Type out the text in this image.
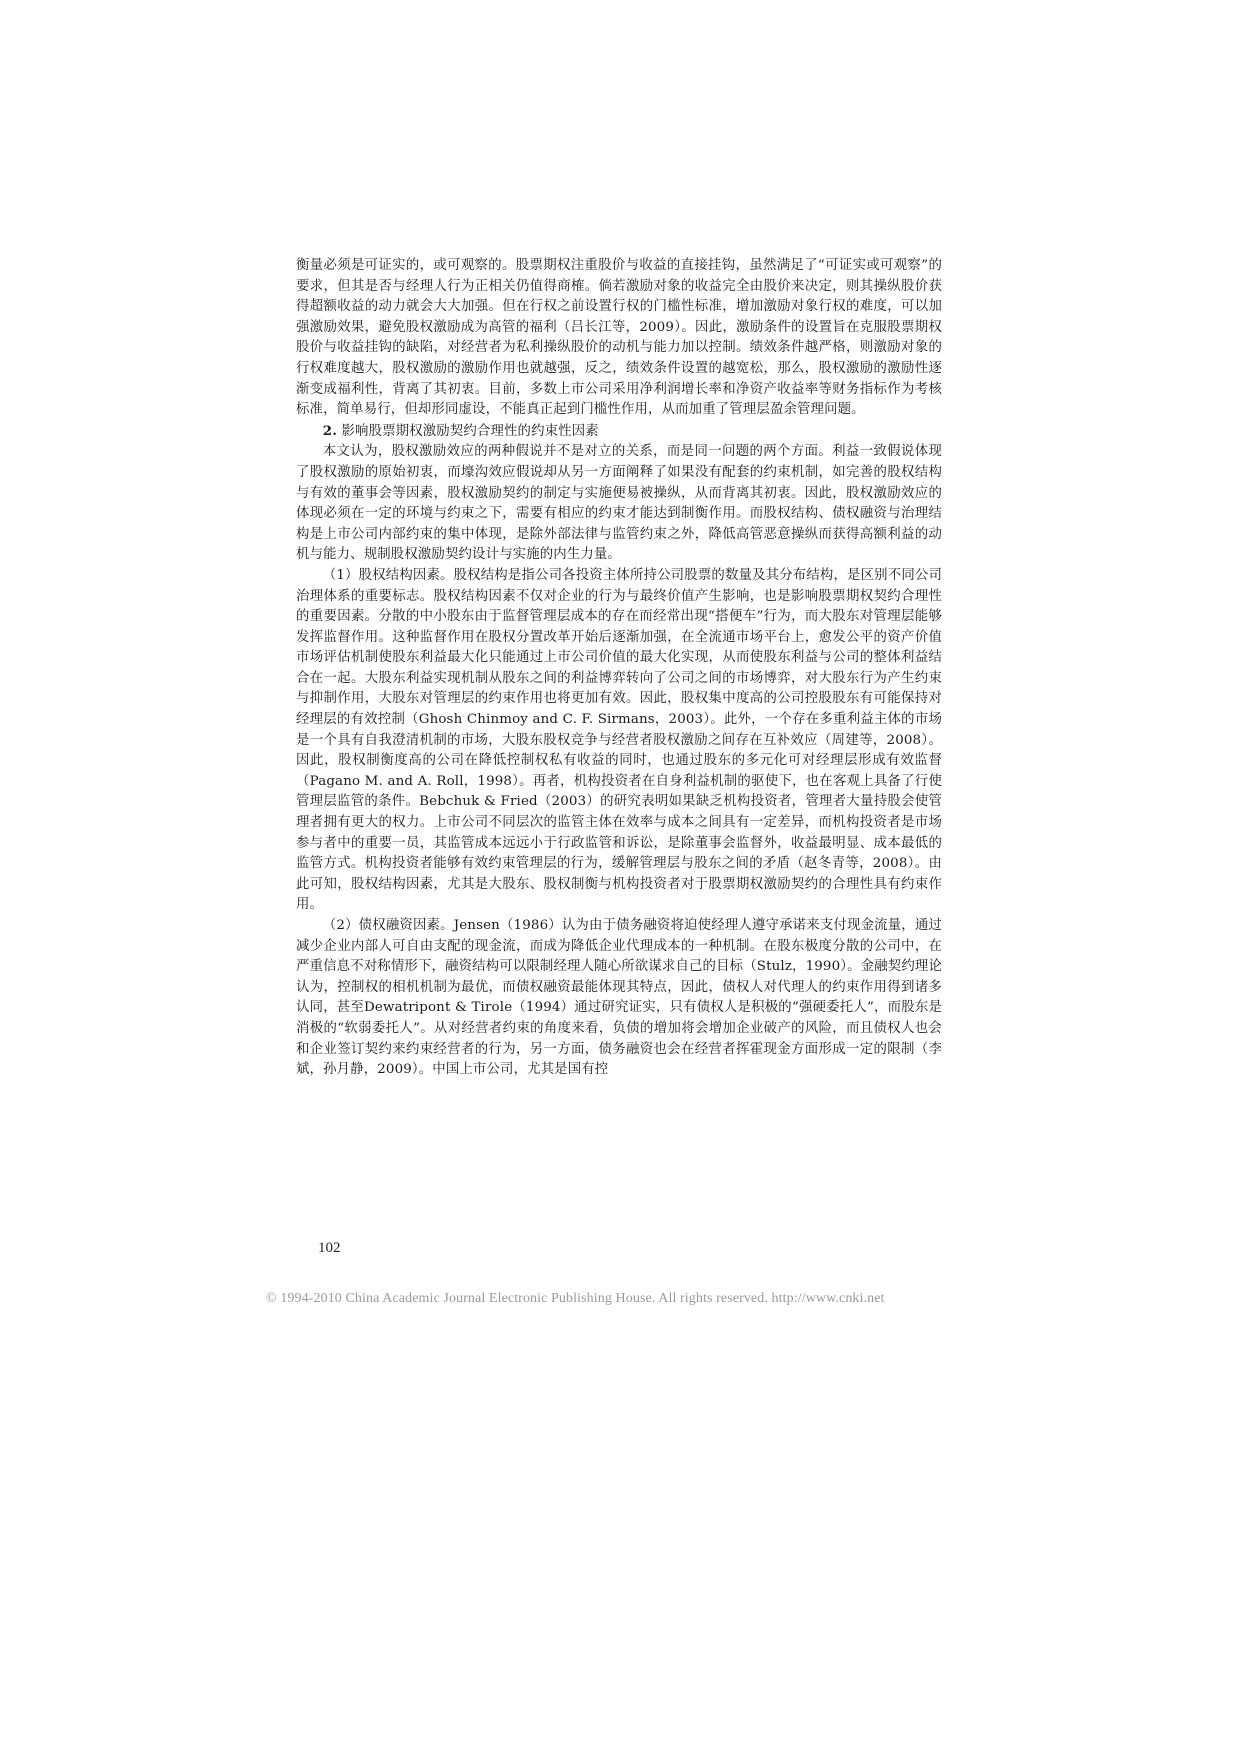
衡量必须是可证实的，或可观察的。股票期权注重股价与收益的直接挂钩，虽然满足了“可证实或可观察”的要求，但其是否与经理人行为正相关仍值得商榷。倘若激励对象的收益完全由股价来决定，则其操纵股价获得超额收益的动力就会大大加强。但在行权之前设置行权的门槛性标准，增加激励对象行权的难度，可以加强激励效果，避免股权激励成为高管的福利（吕长江等，2009）。因此，激励条件的设置旨在克服股票期权股价与收益挂钩的缺陷，对经营者为私利操纵股价的动机与能力加以控制。绩效条件越严格，则激励对象的行权难度越大，股权激励的激励作用也就越强，反之，绩效条件设置的越宽松，那么，股权激励的激励性逐渐变成福利性，背离了其初衷。目前，多数上市公司采用净利润增长率和净资产收益率等财务指标作为考核标准，简单易行，但却形同虚设，不能真正起到门槛性作用，从而加重了管理层盈余管理问题。

2. 影响股票期权激励契约合理性的约束性因素

本文认为，股权激励效应的两种假说并不是对立的关系，而是同一问题的两个方面。利益一致假说体现了股权激励的原始初衷，而壕沟效应假说却从另一方面阐释了如果没有配套的约束机制，如完善的股权结构与有效的董事会等因素，股权激励契约的制定与实施便易被操纵，从而背离其初衷。因此，股权激励效应的体现必须在一定的环境与约束之下，需要有相应的约束才能达到制衡作用。而股权结构、债权融资与治理结构是上市公司内部约束的集中体现，是除外部法律与监管约束之外，降低高管恶意操纵而获得高额利益的动机与能力、规制股权激励契约设计与实施的内生力量。

（1）股权结构因素。股权结构是指公司各投资主体所持公司股票的数量及其分布结构，是区别不同公司治理体系的重要标志。股权结构因素不仅对企业的行为与最终价值产生影响，也是影响股票期权契约合理性的重要因素。分散的中小股东由于监督管理层成本的存在而经常出现“搭便车”行为，而大股东对管理层能够发挥监督作用。这种监督作用在股权分置改革开始后逐渐加强，在全流通市场平台上，愈发公平的资产价值市场评估机制使股东利益最大化只能通过上市公司价值的最大化实现，从而使股东利益与公司的整体利益结合在一起。大股东利益实现机制从股东之间的利益博弈转向了公司之间的市场博弈，对大股东行为产生约束与抑制作用，大股东对管理层的约束作用也将更加有效。因此，股权集中度高的公司控股股东有可能保持对经理层的有效控制（Ghosh Chinmoy and C. F. Sirmans，2003）。此外，一个存在多重利益主体的市场是一个具有自我澄清机制的市场，大股东股权竞争与经营者股权激励之间存在互补效应（周建等，2008）。因此，股权制衡度高的公司在降低控制权私有收益的同时，也通过股东的多元化可对经理层形成有效监督（Pagano M. and A. Roll，1998）。再者，机构投资者在自身利益机制的驱使下，也在客观上具备了行使管理层监管的条件。Bebchuk & Fried（2003）的研究表明如果缺乏机构投资者，管理者大量持股会使管理者拥有更大的权力。上市公司不同层次的监管主体在效率与成本之间具有一定差异，而机构投资者是市场参与者中的重要一员，其监管成本远远小于行政监管和诉讼，是除董事会监督外，收益最明显、成本最低的监管方式。机构投资者能够有效约束管理层的行为，缓解管理层与股东之间的矛盾（赵冬青等，2008）。由此可知，股权结构因素，尤其是大股东、股权制衡与机构投资者对于股票期权激励契约的合理性具有约束作用。

（2）债权融资因素。Jensen（1986）认为由于债务融资将迫使经理人遵守承诺来支付现金流量，通过减少企业内部人可自由支配的现金流，而成为降低企业代理成本的一种机制。在股东极度分散的公司中，在严重信息不对称情形下，融资结构可以限制经理人随心所欲谋求自己的目标（Stulz，1990）。金融契约理论认为，控制权的相机机制为最优，而债权融资最能体现其特点，因此，债权人对代理人的约束作用得到诸多认同，甚至Dewatripont & Tirole（1994）通过研究证实，只有债权人是积极的“强硬委托人”，而股东是消极的“软弱委托人”。从对经营者约束的角度来看，负债的增加将会增加企业破产的风险，而且债权人也会和企业签订契约来约束经营者的行为，另一方面，债务融资也会在经营者挥霍现金方面形成一定的限制（李斌，孙月静，2009）。中国上市公司，尤其是国有控

102
© 1994-2010 China Academic Journal Electronic Publishing House. All rights reserved. http://www.cnki.net
